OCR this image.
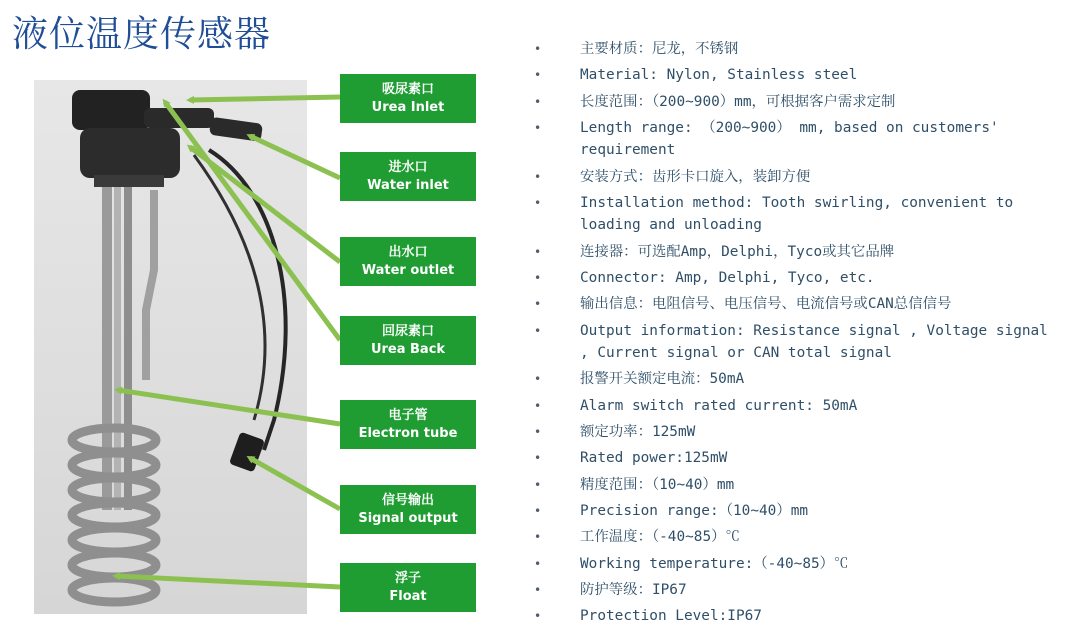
液位温度传感器
吸尿素口
Urea Inlet
进水口
Water inlet
出水口
Water outlet
回尿素口
Urea Back
电子管
Electron tube
信号输出
Signal output
浮子
Float
•	主要材质：尼龙，不锈钢
•	Material: Nylon, Stainless steel
•	长度范围：（200~900）mm，可根据客户需求定制
•	Length range: （200~900） mm, based on customers' requirement
•	安装方式：齿形卡口旋入，装卸方便
•	Installation method: Tooth swirling, convenient to loading and unloading
•	连接器：可选配Amp，Delphi，Tyco或其它品牌
•	Connector: Amp, Delphi, Tyco, etc.
•	输出信息：电阻信号、电压信号、电流信号或CAN总信信号
•	Output information: Resistance signal , Voltage signal , Current signal or CAN total signal
•	报警开关额定电流：50mA
•	Alarm switch rated current: 50mA
•	额定功率：125mW
•	Rated power:125mW
•	精度范围：（10~40）mm
•	Precision range:（10~40）mm
•	工作温度：（-40~85）℃
•	Working temperature:（-40~85）℃
•	防护等级：IP67
•	Protection Level:IP67
